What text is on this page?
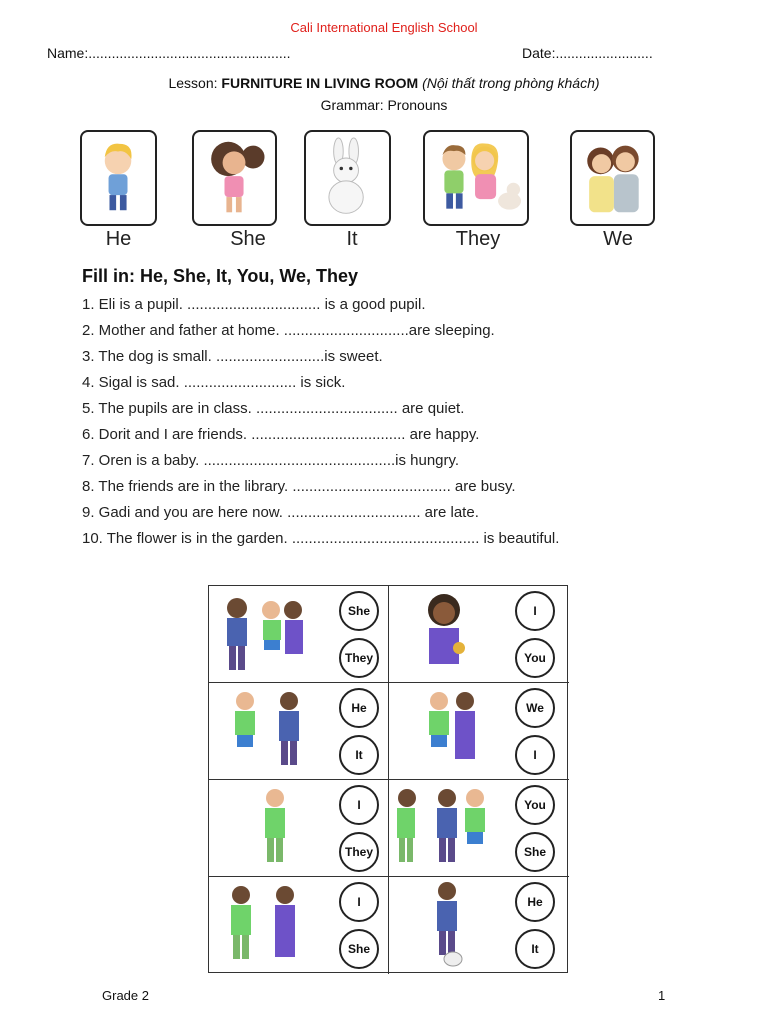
Cali International English School
Name:....................................................	Date:.........................
Lesson: FURNITURE IN LIVING ROOM (Nội thất trong phòng khách)
Grammar: Pronouns
He	She	It	They	We
Fill in: He, She, It, You, We, They
1. Eli is a pupil. ................................ is a good pupil.
2. Mother and father at home. ..............................are sleeping.
3. The dog is small. ..........................is sweet.
4. Sigal is sad. ........................... is sick.
5. The pupils are in class. .................................. are quiet.
6. Dorit and I are friends. ..................................... are happy.
7. Oren is a baby. ..............................................is hungry.
8. The friends are in the library. ...................................... are busy.
9. Gadi and you are here now. ................................ are late.
10. The flower is in the garden. ............................................. is beautiful.
She
They
I
You
He
It
We
I
I
They
You
She
I
She
He
It
Grade 2	1
